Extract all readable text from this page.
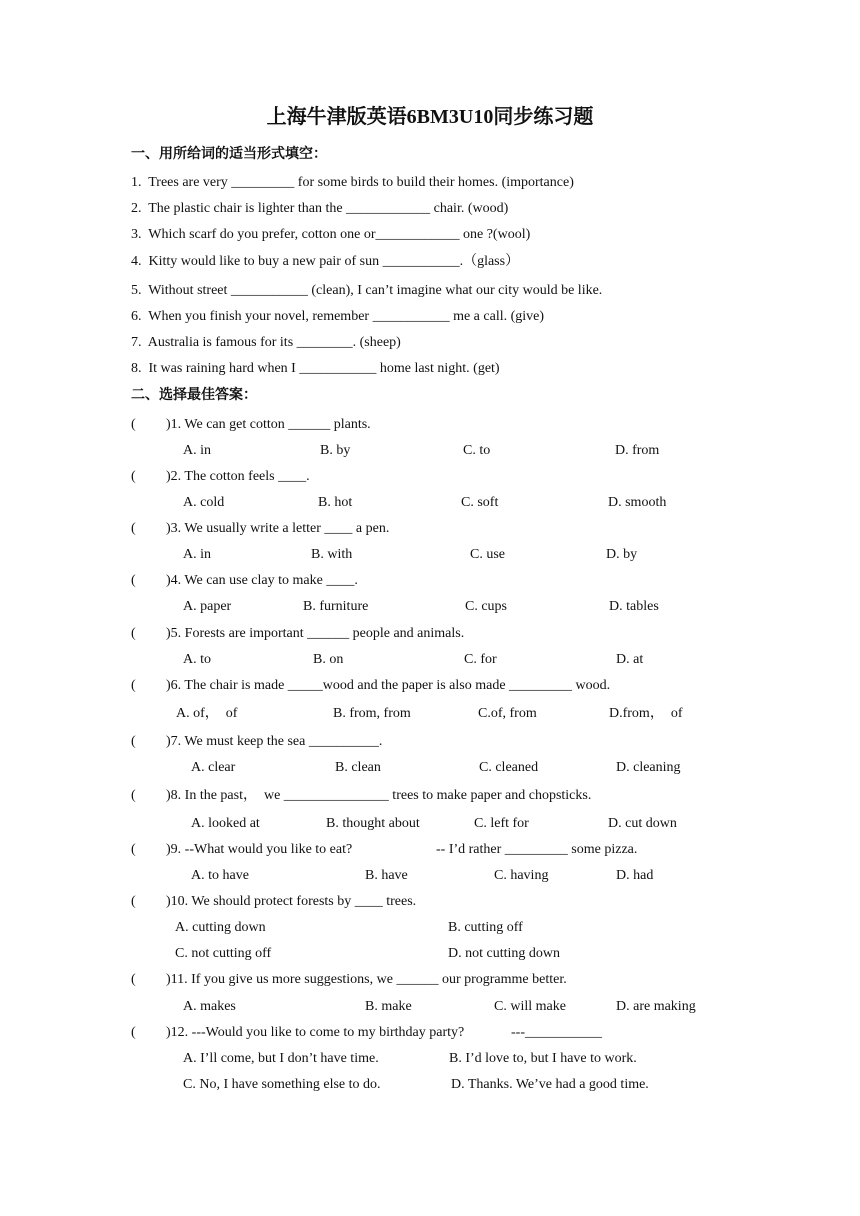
上海牛津版英语6BM3U10同步练习题
一、用所给词的适当形式填空：
1.  Trees are very _________ for some birds to build their homes. (importance)
2.  The plastic chair is lighter than the ____________ chair. (wood)
3.  Which scarf do you prefer, cotton one or____________ one ?(wool)
4.  Kitty would like to buy a new pair of sun ___________.（glass）
5.  Without street ___________ (clean), I can’t imagine what our city would be like.
6.  When you finish your novel, remember ___________ me a call. (give)
7.  Australia is famous for its ________. (sheep)
8.  It was raining hard when I ___________ home last night. (get)
二、选择最佳答案：
( )1. We can get cotton ______ plants.
A. in	B. by	C. to	D. from
( )2. The cotton feels ____.
A. cold	B. hot	C. soft	D. smooth
( )3. We usually write a letter ____ a pen.
A. in	B. with	C. use	D. by
( )4. We can use clay to make ____.
A. paper	B. furniture	C. cups	D. tables
( )5. Forests are important ______ people and animals.
A. to	B. on	C. for	D. at
( )6. The chair is made _____wood and the paper is also made _________ wood.
A. of，  of	B. from, from	C.of, from	D.from，  of
( )7. We must keep the sea __________.
A. clear	B. clean	C. cleaned	D. cleaning
( )8. In the past，  we _______________ trees to make paper and chopsticks.
A. looked at	B. thought about	C. left for	D. cut down
( )9. --What would you like to eat?	-- I’d rather _________ some pizza.
A. to have	B. have	C. having	D. had
( )10. We should protect forests by ____ trees.
A. cutting down	B. cutting off
C. not cutting off	D. not cutting down
( )11. If you give us more suggestions, we ______ our programme better.
A. makes	B. make	C. will make	D. are making
( )12. ---Would you like to come to my birthday party?	---___________
A. I’ll come, but I don’t have time.	B. I’d love to, but I have to work.
C. No, I have something else to do.	D. Thanks. We’ve had a good time.
